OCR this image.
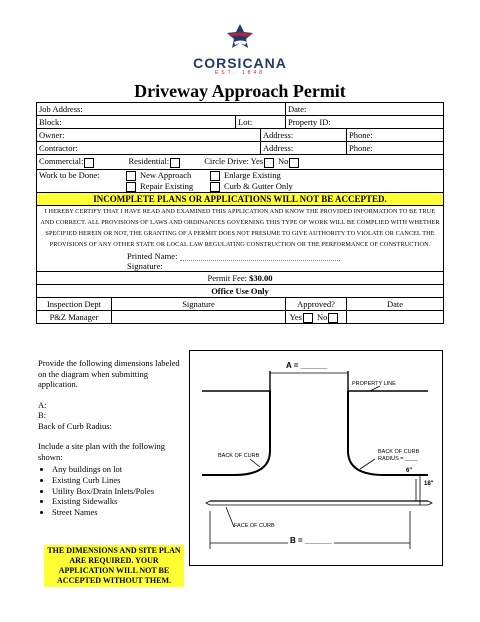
CORSICANA
EST. 1848
Driveway Approach Permit
Job Address:				Date:	
Block:		Lot:		Property ID:	
Owner:			Address:		Phone:
Contractor:			Address:		Phone:
Commercial: Residential: Circle Drive: Yes No					

Work to be Done: New Approach
Repair Existing
Enlarge Existing
Curb & Gutter Only					

INCOMPLETE PLANS OR APPLICATIONS WILL NOT BE ACCEPTED.					

I HEREBY CERTIFY THAT I HAVE READ AND EXAMINED THIS APPLICATION AND KNOW THE PROVIDED INFORMATION TO BE TRUE AND CORRECT. ALL PROVISIONS OF LAWS AND ORDINANCES GOVERNING THIS TYPE OF WORK WILL BE COMPLIED WITH WHETHER SPECIFIED HEREIN OR NOT, THE GRANTING OF A PERMIT DOES NOT PRESUME TO GIVE AUTHORITY TO VIOLATE OR CANCEL THE PROVISIONS OF ANY OTHER STATE OR LOCAL LAW REGULATING CONSTRUCTION OR THE PERFORMANCE OF CONSTRUCTION.
Printed Name:
Signature:					

Permit Fee: $30.00					
Office Use Only					
Inspection Dept	Signature			Approved?	Date
P&Z Manager				Yes No	

Provide the following dimensions labeled on the diagram when submitting application.

A:

B:

Back of Curb Radius:

Include a site plan with the following shown:

• Any buildings on lot
• Existing Curb Lines
• Utility Box/Drain Inlets/Poles
• Existing Sidewalks
• Street Names
THE DIMENSIONS AND SITE PLAN ARE REQUIRED. YOUR APPLICATION WILL NOT BE ACCEPTED WITHOUT THEM.
A = ______
PROPERTY LINE
BACK OF CURB
BACK OF CURB
RADIUS = ____
6"
18"
FACE OF CURB
B = ______
